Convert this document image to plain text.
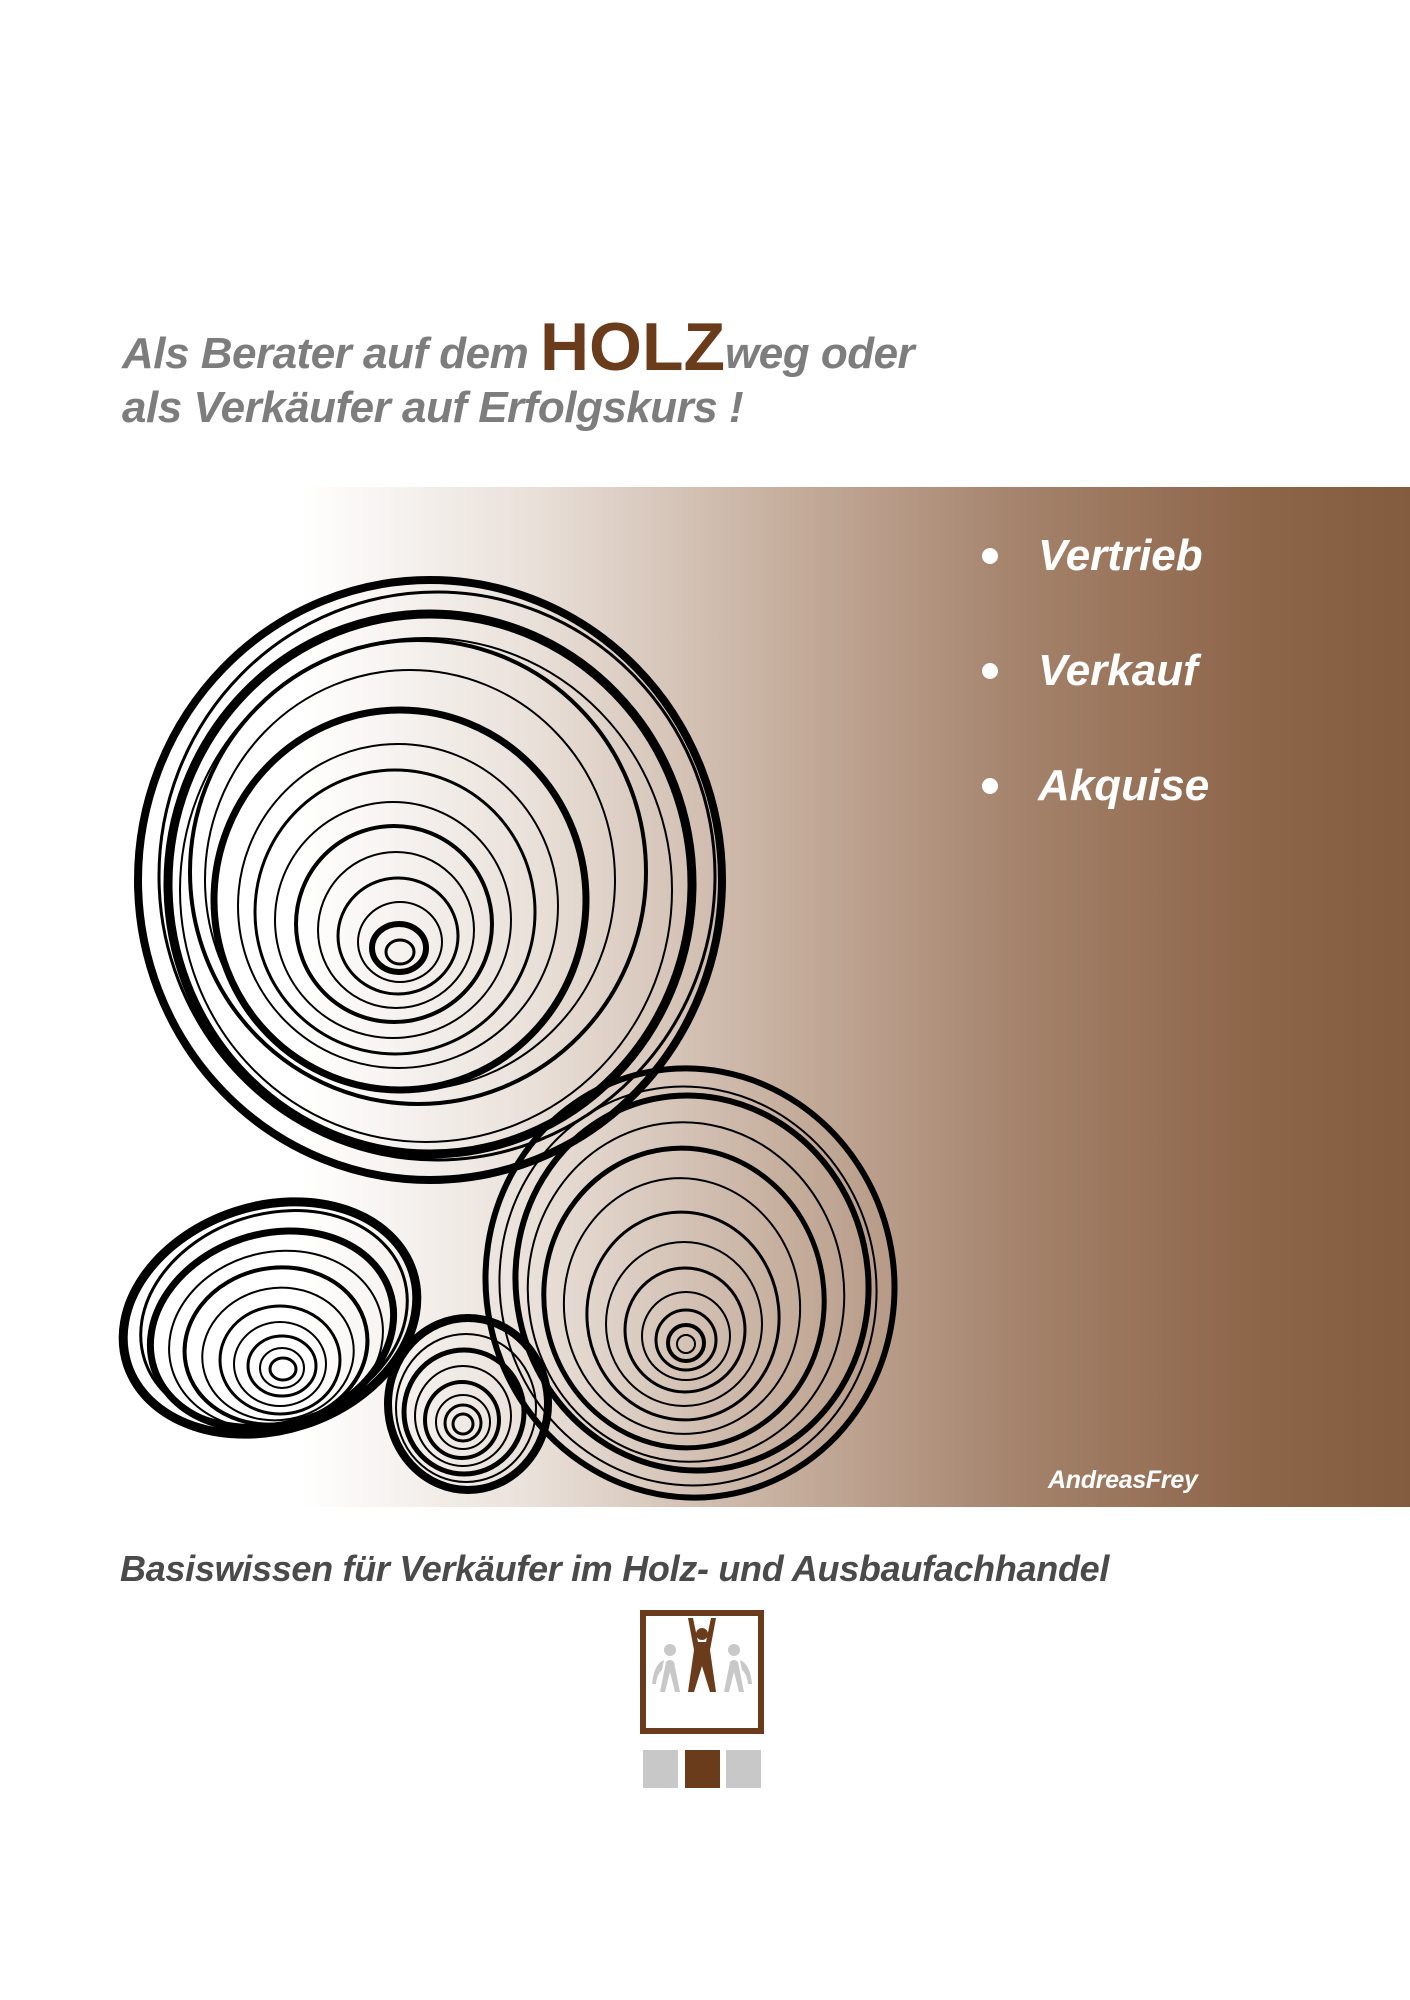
Als Berater auf dem HOLZweg oder
als Verkäufer auf Erfolgskurs !
Vertrieb
Verkauf
Akquise
AndreasFrey
Basiswissen für Verkäufer im Holz- und Ausbaufachhandel
